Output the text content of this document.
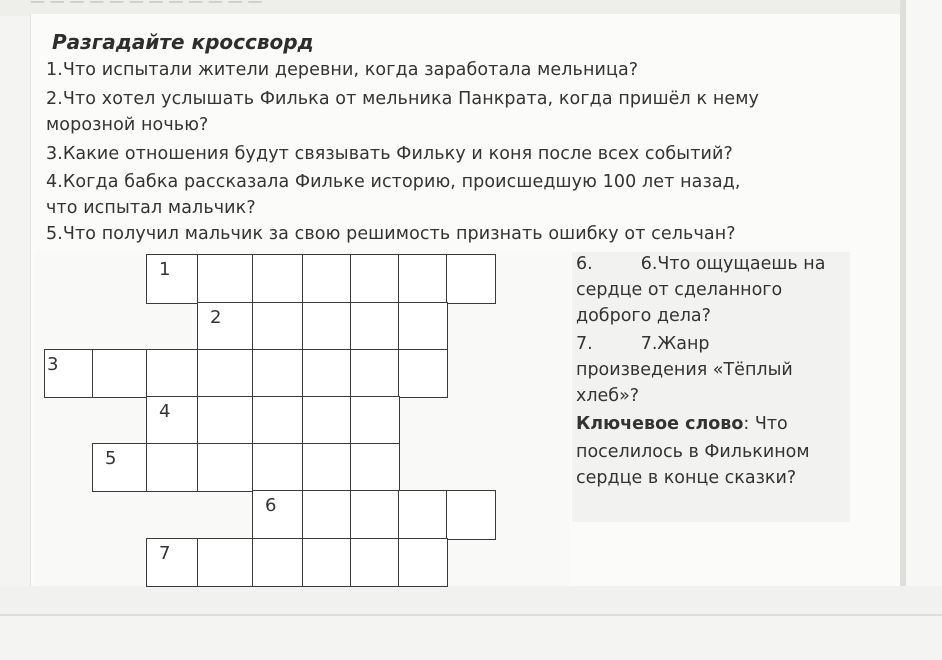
— — — — — — — — — — — —
Разгадайте кроссворд
1.Что испытали жители деревни, когда заработала мельница?
2.Что хотел услышать Филька от мельника Панкрата, когда пришёл к нему
морозной ночью?
3.Какие отношения будут связывать Фильку и коня после всех событий?
4.Когда бабка рассказала Фильке историю, происшедшую 100 лет назад,
что испытал мальчик?
5.Что получил мальчик за свою решимость признать ошибку от сельчан?
1
2
3
4
5
6
7
6.	6.Что ощущаешь на
сердце от сделанного
доброго дела?
7.	7.Жанр
произведения «Тёплый
хлеб»?
Ключевое слово: Что
поселилось в Филькином
сердце в конце сказки?
